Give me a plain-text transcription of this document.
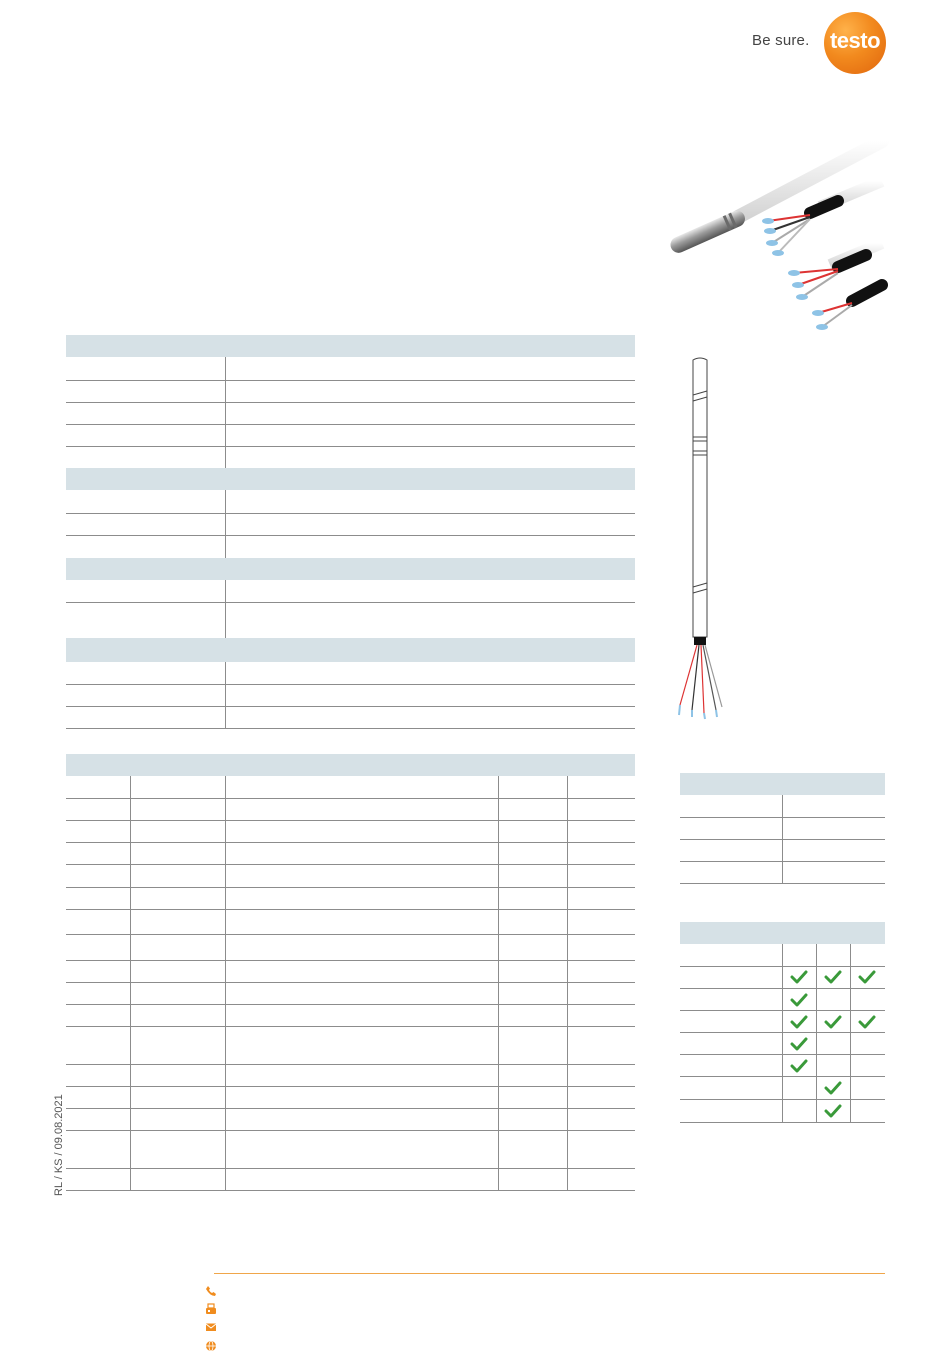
Be sure. testo
RL / KS / 09.08.2021
